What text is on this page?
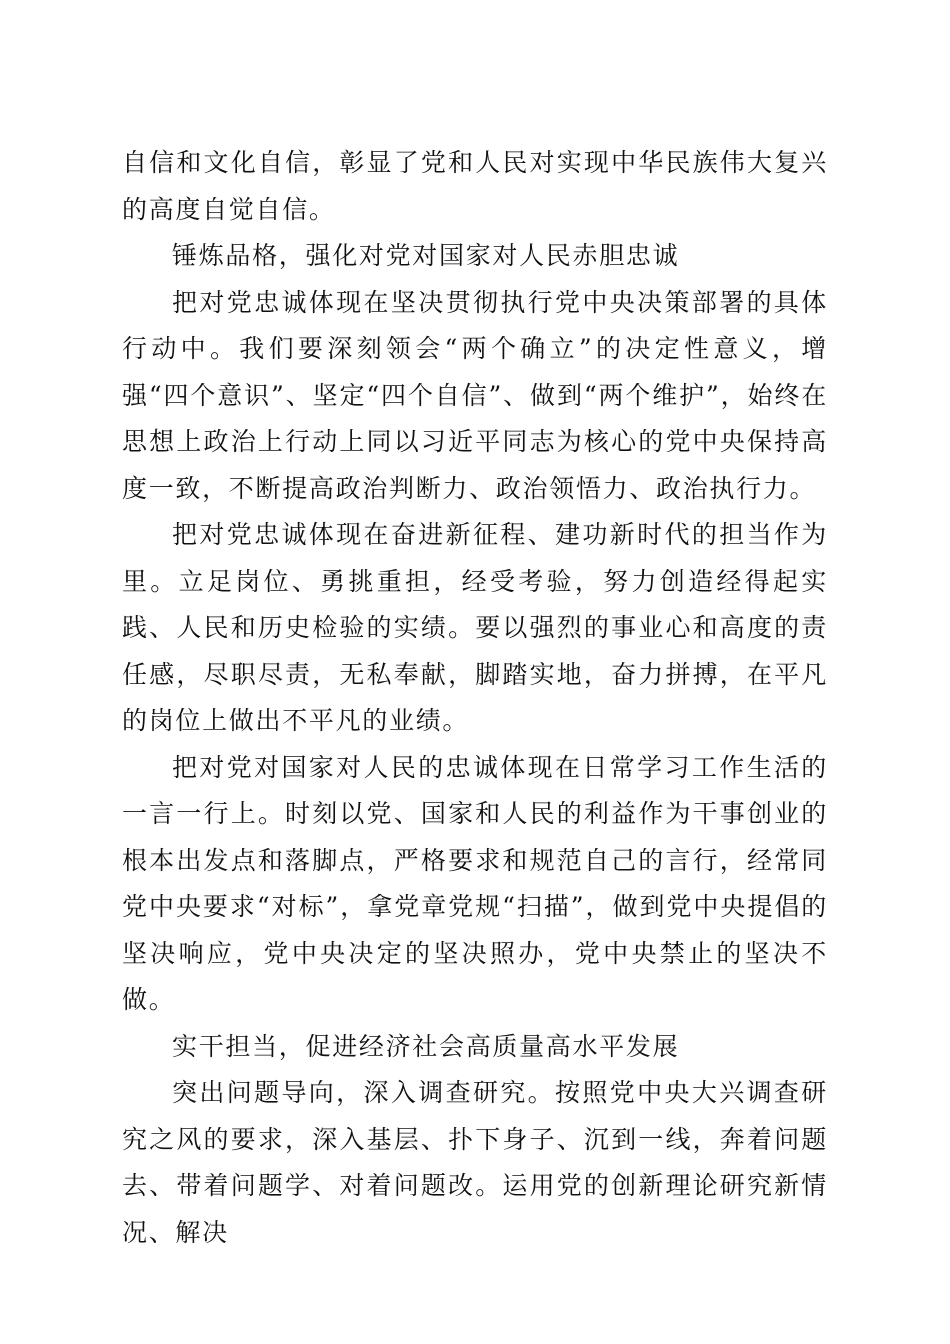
自信和文化自信，彰显了党和人民对实现中华民族伟大复兴的高度自觉自信。

锤炼品格，强化对党对国家对人民赤胆忠诚

把对党忠诚体现在坚决贯彻执行党中央决策部署的具体行动中。我们要深刻领会“两个确立”的决定性意义，增强“四个意识”、坚定“四个自信”、做到“两个维护”，始终在思想上政治上行动上同以习近平同志为核心的党中央保持高度一致，不断提高政治判断力、政治领悟力、政治执行力。

把对党忠诚体现在奋进新征程、建功新时代的担当作为里。立足岗位、勇挑重担，经受考验，努力创造经得起实践、人民和历史检验的实绩。要以强烈的事业心和高度的责任感，尽职尽责，无私奉献，脚踏实地，奋力拼搏，在平凡的岗位上做出不平凡的业绩。

把对党对国家对人民的忠诚体现在日常学习工作生活的一言一行上。时刻以党、国家和人民的利益作为干事创业的根本出发点和落脚点，严格要求和规范自己的言行，经常同党中央要求“对标”，拿党章党规“扫描”，做到党中央提倡的坚决响应，党中央决定的坚决照办，党中央禁止的坚决不做。

实干担当，促进经济社会高质量高水平发展

突出问题导向，深入调查研究。按照党中央大兴调查研究之风的要求，深入基层、扑下身子、沉到一线，奔着问题去、带着问题学、对着问题改。运用党的创新理论研究新情况、解决
